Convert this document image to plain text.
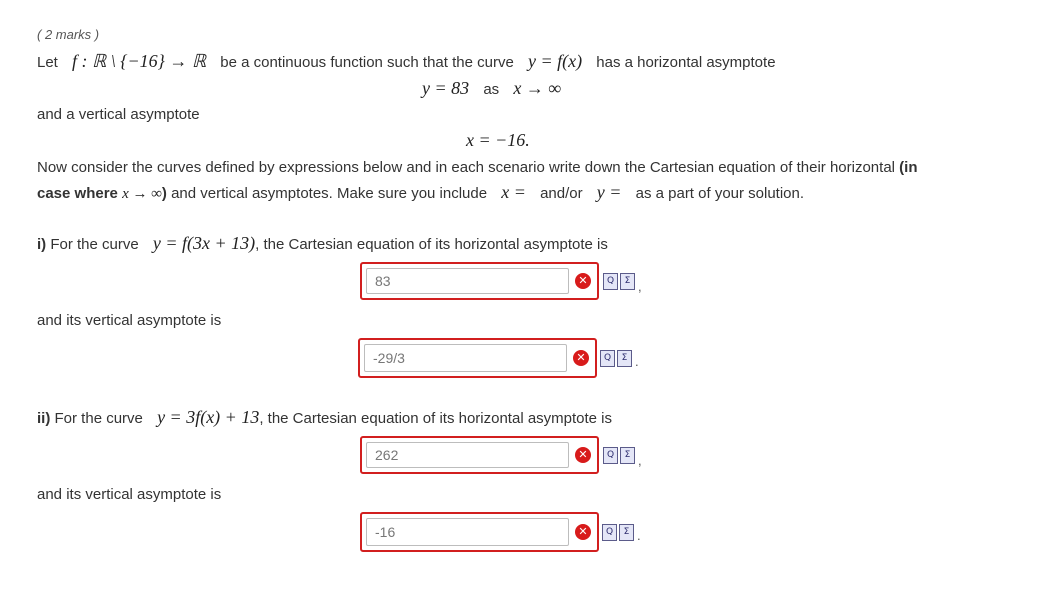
( 2 marks )
Let f : ℝ \ {−16} → ℝ be a continuous function such that the curve y = f(x) has a horizontal asymptote
y = 83 as x → ∞
and a vertical asymptote
x = −16.
Now consider the curves defined by expressions below and in each scenario write down the Cartesian equation of their horizontal (in
case where x → ∞) and vertical asymptotes. Make sure you include x = and/or y = as a part of your solution.
i) For the curve y = f(3x + 13), the Cartesian equation of its horizontal asymptote is
83
✕	Q	Σ ,
and its vertical asymptote is
-29/3
✕	Q	Σ .
ii) For the curve y = 3f(x) + 13, the Cartesian equation of its horizontal asymptote is
262
✕	Q	Σ ,
and its vertical asymptote is
-16
✕	Q	Σ .
